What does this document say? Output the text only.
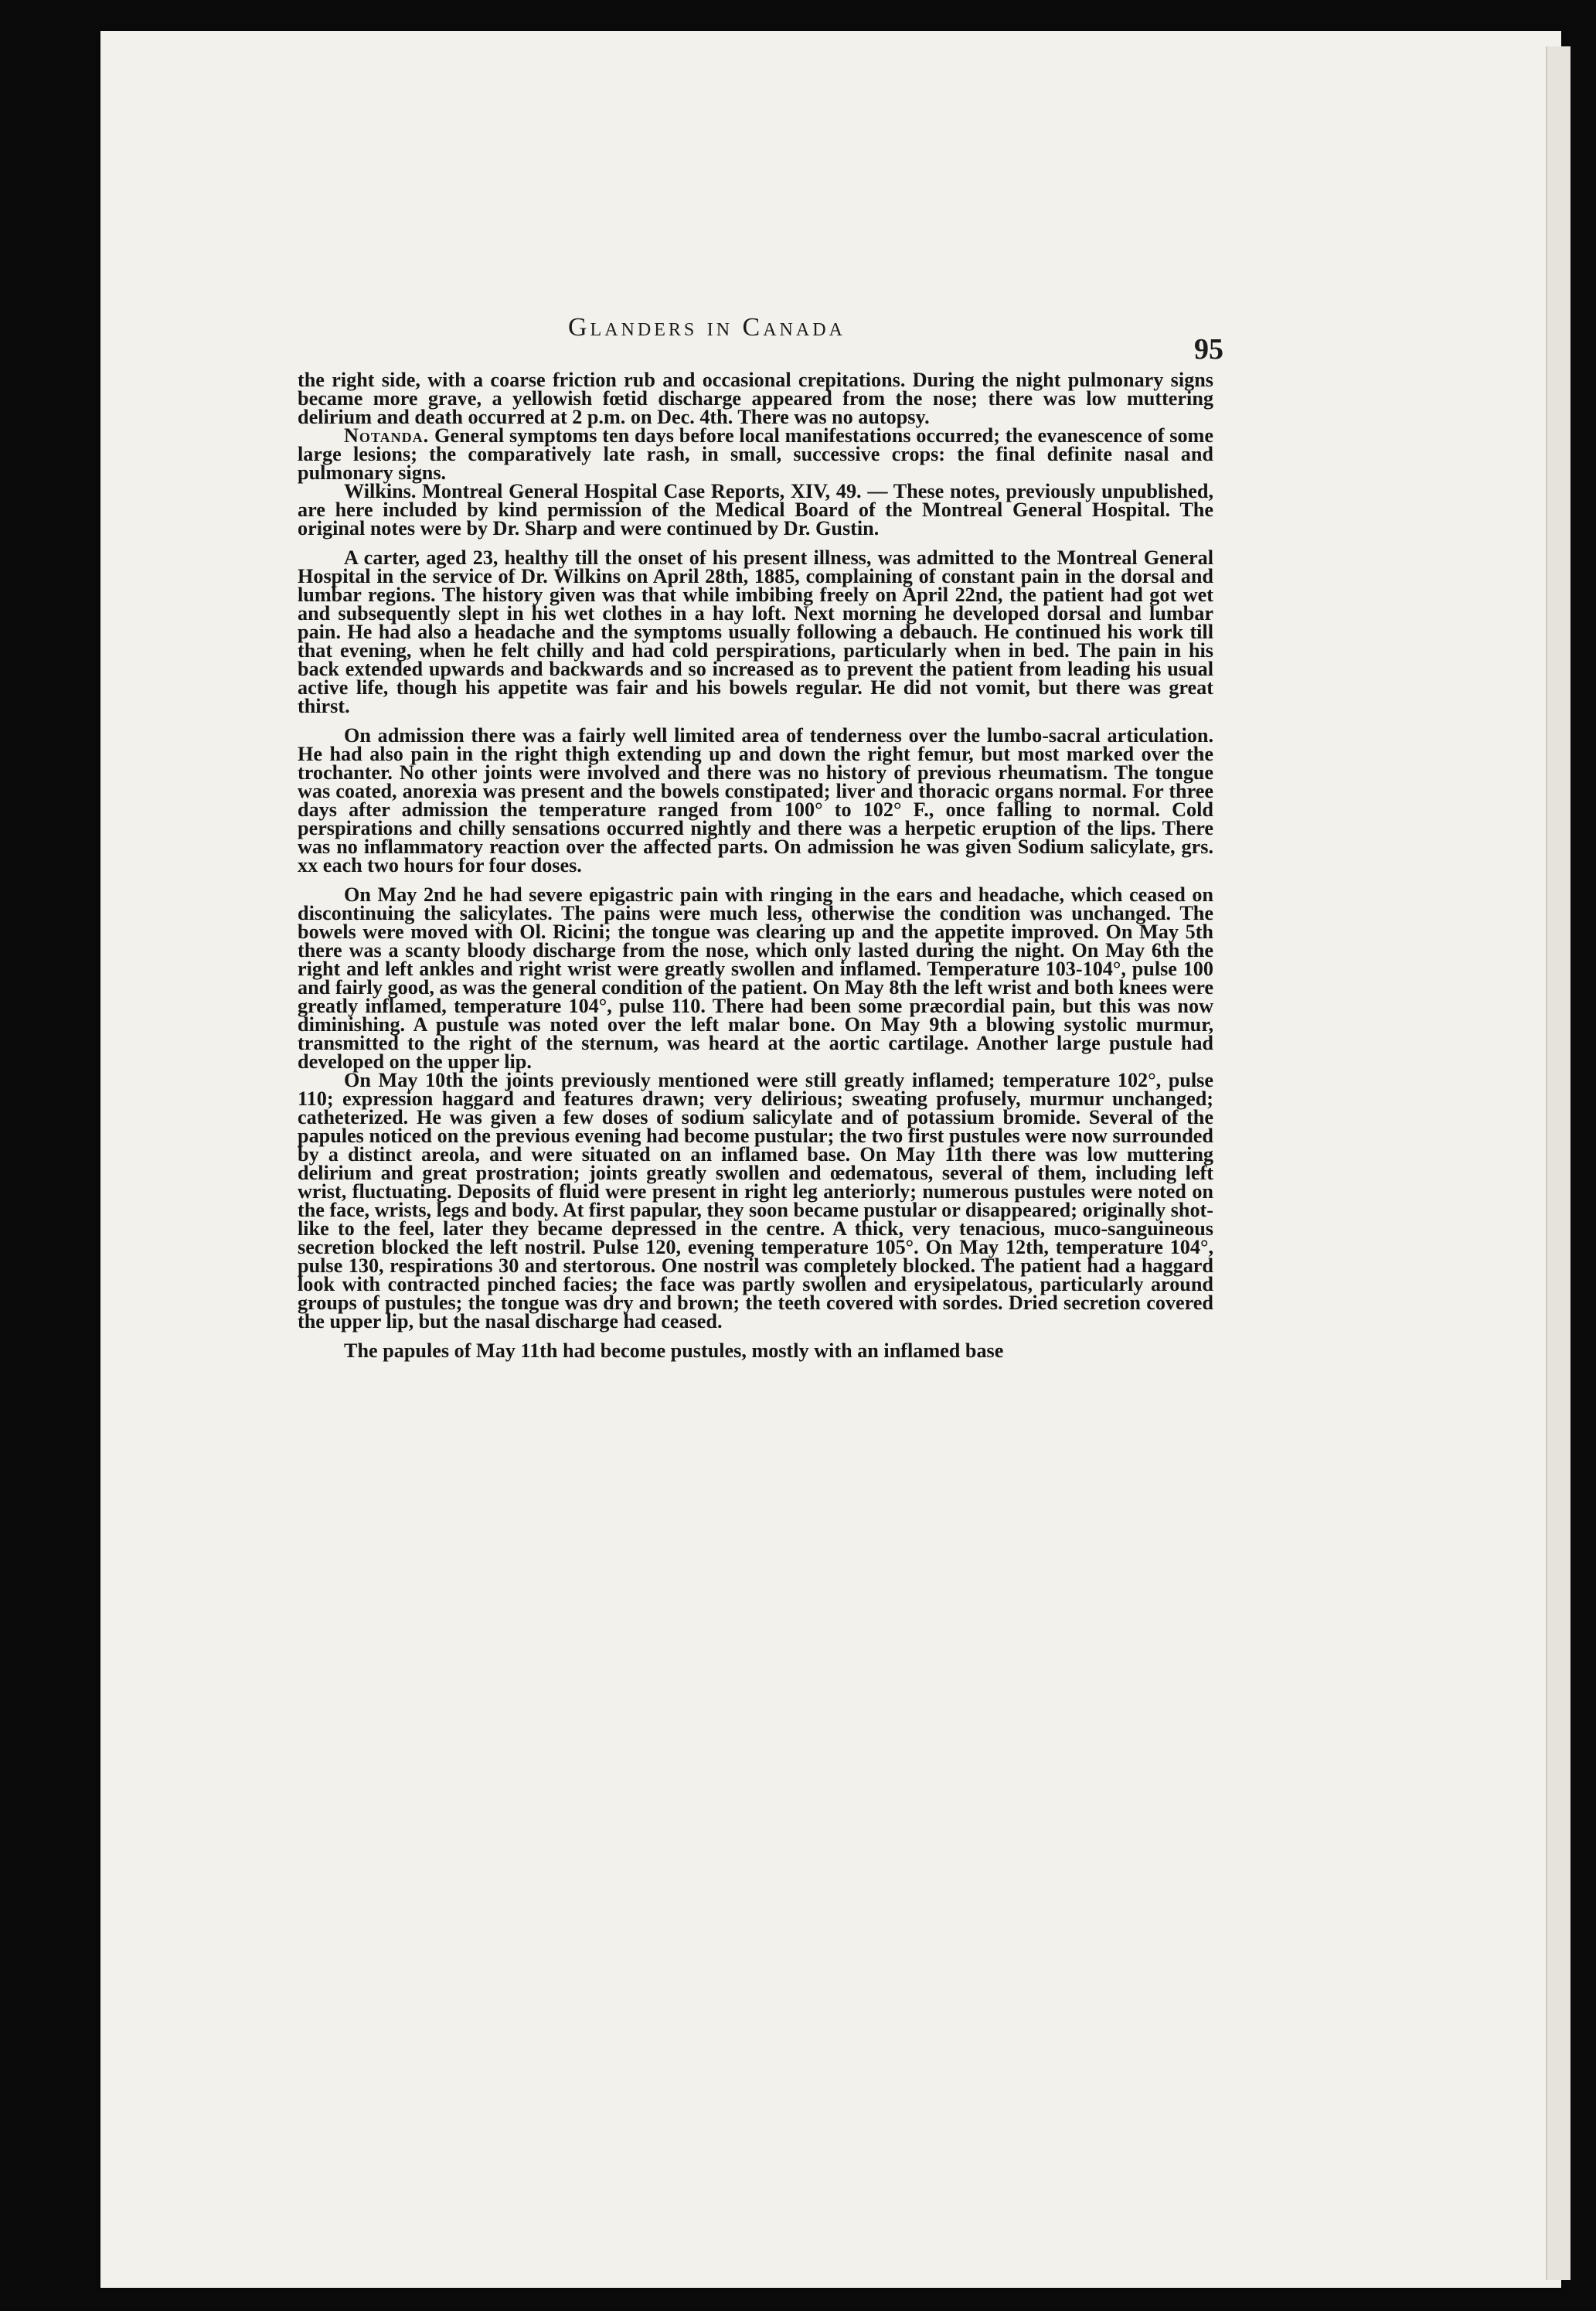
Glanders in Canada
95

the right side, with a coarse friction rub and occasional crepitations. During the night pulmonary signs became more grave, a yellowish fœtid discharge appeared from the nose; there was low muttering delirium and death occurred at 2 p.m. on Dec. 4th. There was no autopsy.

Notanda. General symptoms ten days before local manifestations occurred; the evanescence of some large lesions; the comparatively late rash, in small, successive crops: the final definite nasal and pulmonary signs.

Wilkins. Montreal General Hospital Case Reports, XIV, 49. — These notes, previously unpublished, are here included by kind permission of the Medical Board of the Montreal General Hospital. The original notes were by Dr. Sharp and were continued by Dr. Gustin.

A carter, aged 23, healthy till the onset of his present illness, was admitted to the Montreal General Hospital in the service of Dr. Wilkins on April 28th, 1885, complaining of constant pain in the dorsal and lumbar regions. The history given was that while imbibing freely on April 22nd, the patient had got wet and subsequently slept in his wet clothes in a hay loft. Next morning he developed dorsal and lumbar pain. He had also a headache and the symptoms usually following a debauch. He continued his work till that evening, when he felt chilly and had cold perspirations, particularly when in bed. The pain in his back extended upwards and backwards and so increased as to prevent the patient from leading his usual active life, though his appetite was fair and his bowels regular. He did not vomit, but there was great thirst.

On admission there was a fairly well limited area of tenderness over the lumbo-sacral articulation. He had also pain in the right thigh extending up and down the right femur, but most marked over the trochanter. No other joints were involved and there was no history of previous rheumatism. The tongue was coated, anorexia was present and the bowels constipated; liver and thoracic organs normal. For three days after admission the temperature ranged from 100° to 102° F., once falling to normal. Cold perspirations and chilly sensations occurred nightly and there was a herpetic eruption of the lips. There was no inflammatory reaction over the affected parts. On admission he was given Sodium salicylate, grs. xx each two hours for four doses.

On May 2nd he had severe epigastric pain with ringing in the ears and headache, which ceased on discontinuing the salicylates. The pains were much less, otherwise the condition was unchanged. The bowels were moved with Ol. Ricini; the tongue was clearing up and the appetite improved. On May 5th there was a scanty bloody discharge from the nose, which only lasted during the night. On May 6th the right and left ankles and right wrist were greatly swollen and inflamed. Temperature 103-104°, pulse 100 and fairly good, as was the general condition of the patient. On May 8th the left wrist and both knees were greatly inflamed, temperature 104°, pulse 110. There had been some præcordial pain, but this was now diminishing. A pustule was noted over the left malar bone. On May 9th a blowing systolic murmur, transmitted to the right of the sternum, was heard at the aortic cartilage. Another large pustule had developed on the upper lip.

On May 10th the joints previously mentioned were still greatly inflamed; temperature 102°, pulse 110; expression haggard and features drawn; very delirious; sweating profusely, murmur unchanged; catheterized. He was given a few doses of sodium salicylate and of potassium bromide. Several of the papules noticed on the previous evening had become pustular; the two first pustules were now surrounded by a distinct areola, and were situated on an inflamed base. On May 11th there was low muttering delirium and great prostration; joints greatly swollen and œdematous, several of them, including left wrist, fluctuating. Deposits of fluid were present in right leg anteriorly; numerous pustules were noted on the face, wrists, legs and body. At first papular, they soon became pustular or disappeared; originally shot-like to the feel, later they became depressed in the centre. A thick, very tenacious, muco-sanguineous secretion blocked the left nostril. Pulse 120, evening temperature 105°. On May 12th, temperature 104°, pulse 130, respirations 30 and stertorous. One nostril was completely blocked. The patient had a haggard look with contracted pinched facies; the face was partly swollen and erysipelatous, particularly around groups of pustules; the tongue was dry and brown; the teeth covered with sordes. Dried secretion covered the upper lip, but the nasal discharge had ceased.

The papules of May 11th had become pustules, mostly with an inflamed base
